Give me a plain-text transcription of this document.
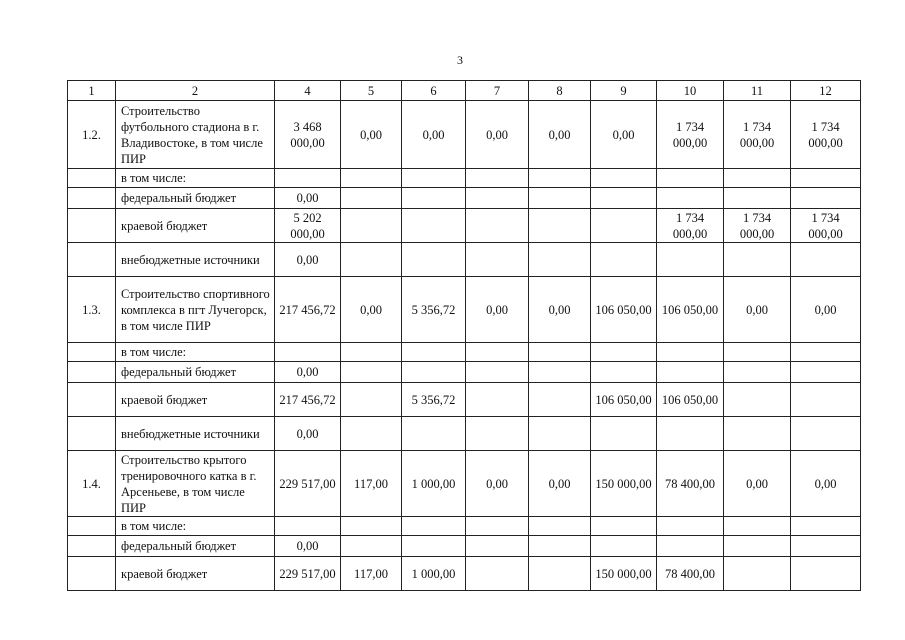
3
1	2	4	5	6	7	8	9	10	11	12
1.2.	Строительство футбольного стадиона в г. Владивостоке, в том числе ПИР	3 468 000,00	0,00	0,00	0,00	0,00	0,00	1 734 000,00	1 734 000,00	1 734 000,00
	в том числе:									
	федеральный бюджет	0,00								
	краевой бюджет	5 202 000,00						1 734 000,00	1 734 000,00	1 734 000,00
	внебюджетные источники	0,00								
1.3.	Строительство спортивного комплекса в пгт Лучегорск, в том числе ПИР	217 456,72	0,00	5 356,72	0,00	0,00	106 050,00	106 050,00	0,00	0,00
	в том числе:									
	федеральный бюджет	0,00								
	краевой бюджет	217 456,72		5 356,72			106 050,00	106 050,00		
	внебюджетные источники	0,00								
1.4.	Строительство крытого тренировочного катка в г. Арсеньеве, в том числе ПИР	229 517,00	117,00	1 000,00	0,00	0,00	150 000,00	78 400,00	0,00	0,00
	в том числе:									
	федеральный бюджет	0,00								
	краевой бюджет	229 517,00	117,00	1 000,00			150 000,00	78 400,00		
